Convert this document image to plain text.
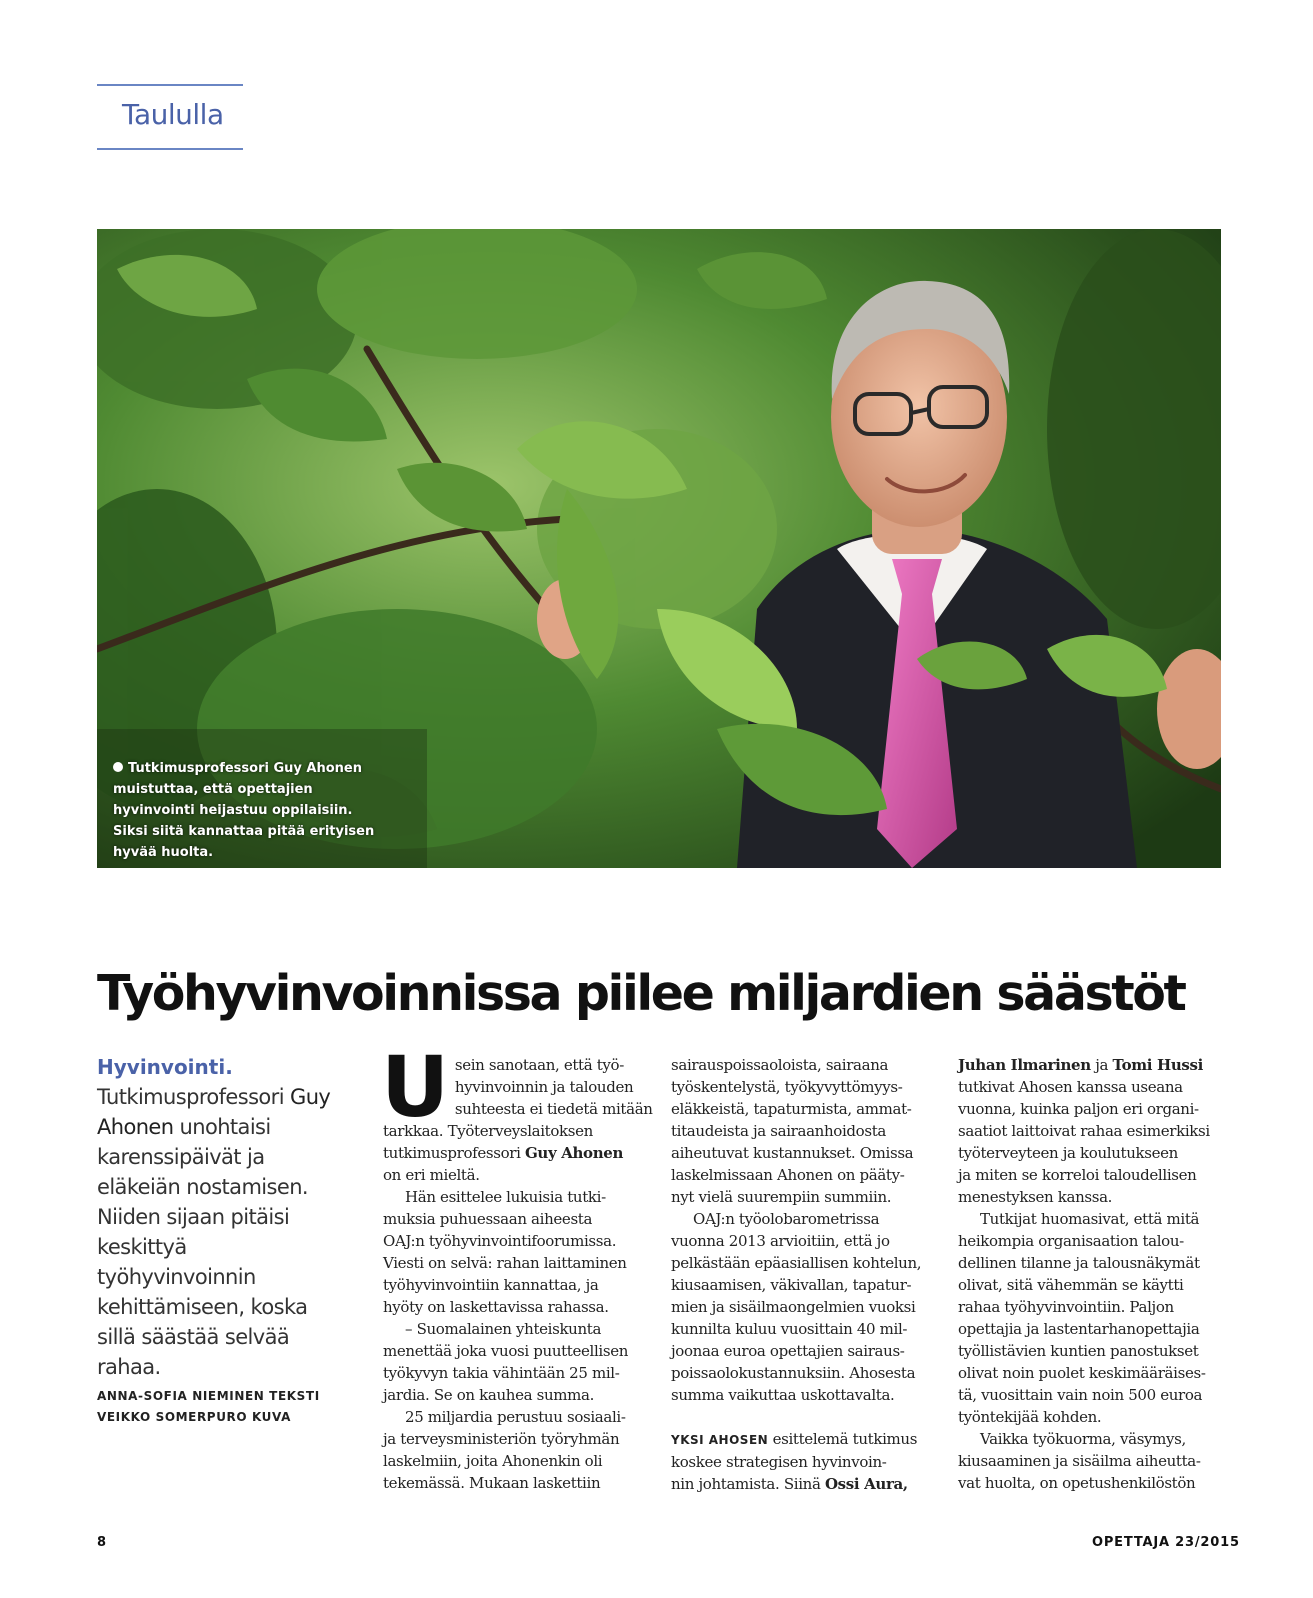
Taululla
Tutkimusprofessori Guy Ahonen muistuttaa, että opettajien hyvinvointi heijastuu oppilaisiin. Siksi siitä kannattaa pitää erityisen hyvää huolta.
Työhyvinvoinnissa piilee miljardien säästöt
Hyvinvointi.
Tutkimusprofessori Guy Ahonen unohtaisi karenssipäivät ja eläkeiän nostamisen. Niiden sijaan pitäisi keskittyä työhyvinvoinnin kehittämiseen, koska sillä säästää selvää rahaa.
ANNA-SOFIA NIEMINEN TEKSTI
VEIKKO SOMERPURO KUVA
U sein sanotaan, että työ-
hyvinvoinnin ja talouden
suhteesta ei tiedetä mitään
tarkkaa. Työterveyslaitoksen
tutkimusprofessori Guy Ahonen
on eri mieltä.
Hän esittelee lukuisia tutki-
muksia puhuessaan aiheesta
OAJ:n työhyvinvointifoorumissa.
Viesti on selvä: rahan laittaminen
työhyvinvointiin kannattaa, ja
hyöty on laskettavissa rahassa.
– Suomalainen yhteiskunta
menettää joka vuosi puutteellisen
työkyvyn takia vähintään 25 mil-
jardia. Se on kauhea summa.
25 miljardia perustuu sosiaali-
ja terveysministeriön työryhmän
laskelmiin, joita Ahonenkin oli
tekemässä. Mukaan laskettiin
sairauspoissaoloista, sairaana
työskentelystä, työkyvyttömyys-
eläkkeistä, tapaturmista, ammat-
titaudeista ja sairaanhoidosta
aiheutuvat kustannukset. Omissa
laskelmissaan Ahonen on pääty-
nyt vielä suurempiin summiin.
OAJ:n työolobarometrissa
vuonna 2013 arvioitiin, että jo
pelkästään epäasiallisen kohtelun,
kiusaamisen, väkivallan, tapatur-
mien ja sisäilmaongelmien vuoksi
kunnilta kuluu vuosittain 40 mil-
joonaa euroa opettajien sairaus-
poissaolokustannuksiin. Ahosesta
summa vaikuttaa uskottavalta.
YKSI AHOSEN esittelemä tutkimus
koskee strategisen hyvinvoin-
nin johtamista. Siinä Ossi Aura,
Juhan Ilmarinen ja Tomi Hussi
tutkivat Ahosen kanssa useana
vuonna, kuinka paljon eri organi-
saatiot laittoivat rahaa esimerkiksi
työterveyteen ja koulutukseen
ja miten se korreloi taloudellisen
menestyksen kanssa.
Tutkijat huomasivat, että mitä
heikompia organisaation talou-
dellinen tilanne ja talousnäkymät
olivat, sitä vähemmän se käytti
rahaa työhyvinvointiin. Paljon
opettajia ja lastentarhanopettajia
työllistävien kuntien panostukset
olivat noin puolet keskimääräises-
tä, vuosittain vain noin 500 euroa
työntekijää kohden.
Vaikka työkuorma, väsymys,
kiusaaminen ja sisäilma aiheutta-
vat huolta, on opetushenkilöstön
8	OPETTAJA 23/2015
